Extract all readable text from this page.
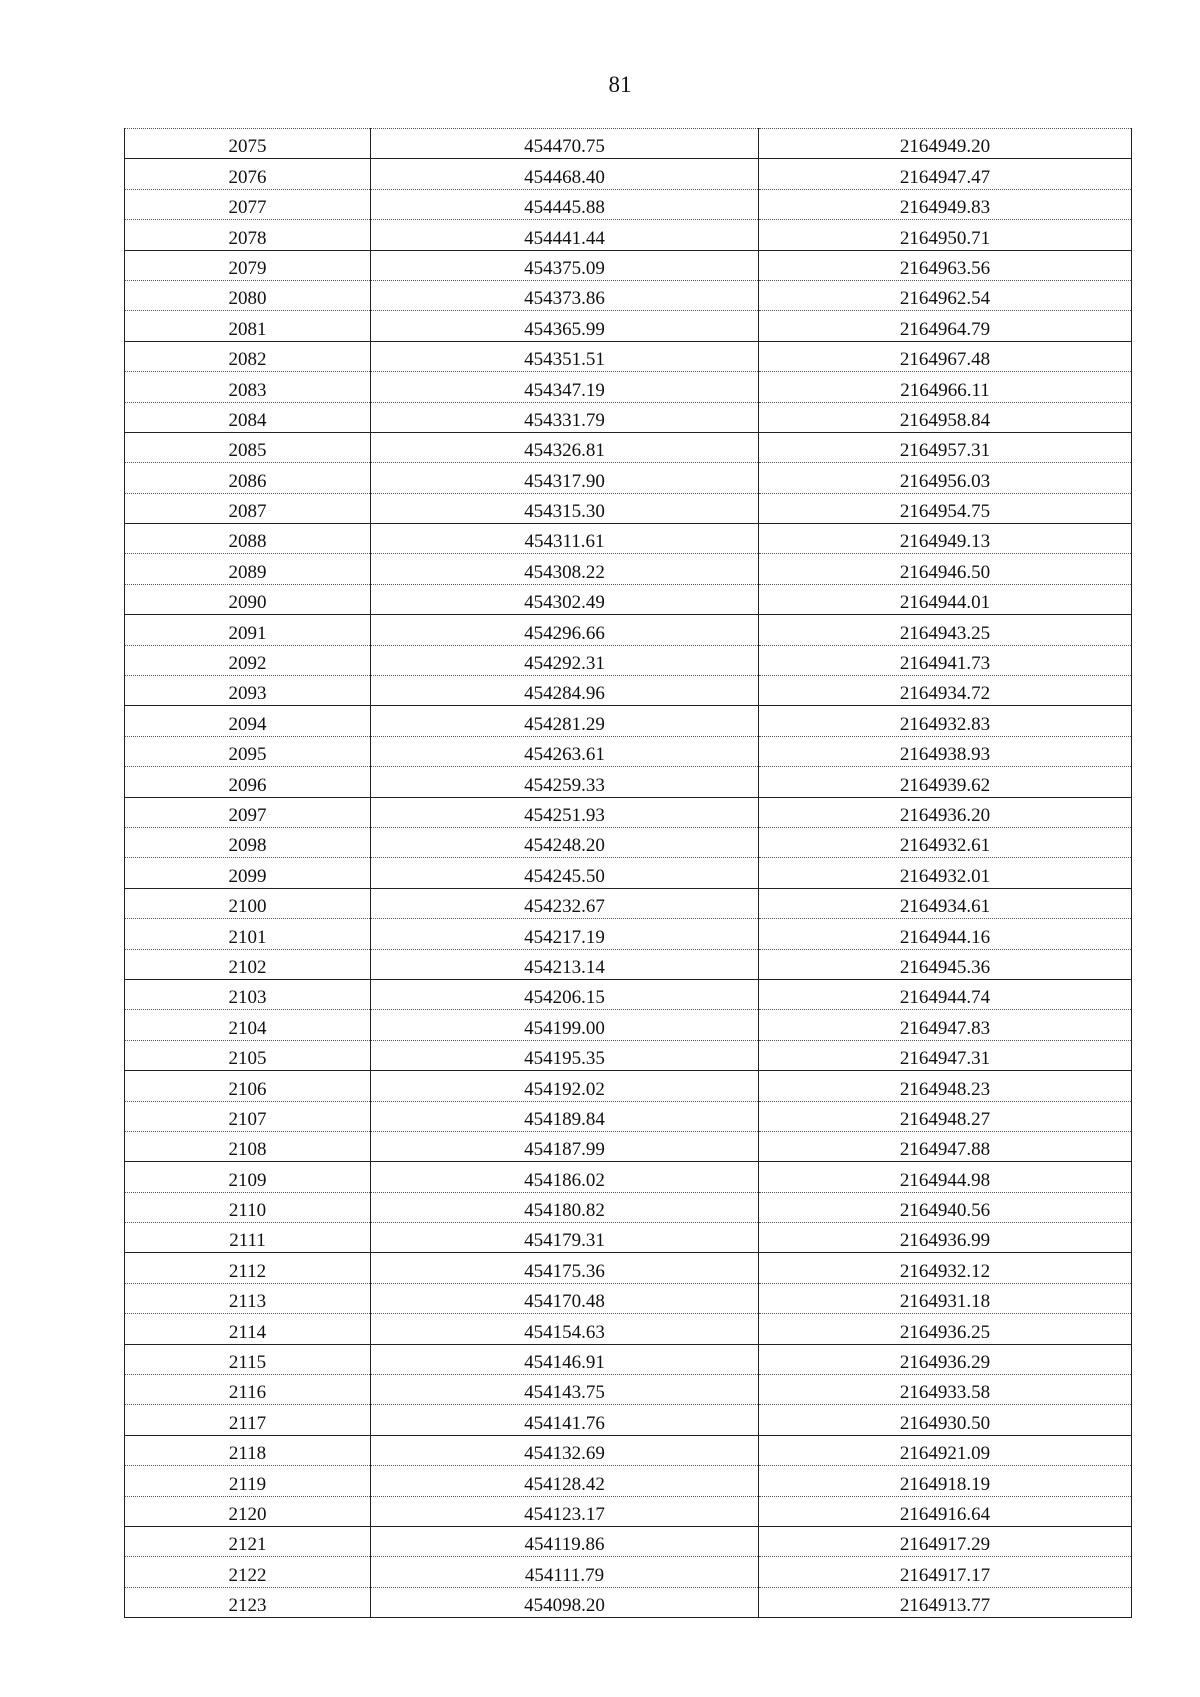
81
2075	454470.75	2164949.20
2076	454468.40	2164947.47
2077	454445.88	2164949.83
2078	454441.44	2164950.71
2079	454375.09	2164963.56
2080	454373.86	2164962.54
2081	454365.99	2164964.79
2082	454351.51	2164967.48
2083	454347.19	2164966.11
2084	454331.79	2164958.84
2085	454326.81	2164957.31
2086	454317.90	2164956.03
2087	454315.30	2164954.75
2088	454311.61	2164949.13
2089	454308.22	2164946.50
2090	454302.49	2164944.01
2091	454296.66	2164943.25
2092	454292.31	2164941.73
2093	454284.96	2164934.72
2094	454281.29	2164932.83
2095	454263.61	2164938.93
2096	454259.33	2164939.62
2097	454251.93	2164936.20
2098	454248.20	2164932.61
2099	454245.50	2164932.01
2100	454232.67	2164934.61
2101	454217.19	2164944.16
2102	454213.14	2164945.36
2103	454206.15	2164944.74
2104	454199.00	2164947.83
2105	454195.35	2164947.31
2106	454192.02	2164948.23
2107	454189.84	2164948.27
2108	454187.99	2164947.88
2109	454186.02	2164944.98
2110	454180.82	2164940.56
2111	454179.31	2164936.99
2112	454175.36	2164932.12
2113	454170.48	2164931.18
2114	454154.63	2164936.25
2115	454146.91	2164936.29
2116	454143.75	2164933.58
2117	454141.76	2164930.50
2118	454132.69	2164921.09
2119	454128.42	2164918.19
2120	454123.17	2164916.64
2121	454119.86	2164917.29
2122	454111.79	2164917.17
2123	454098.20	2164913.77
